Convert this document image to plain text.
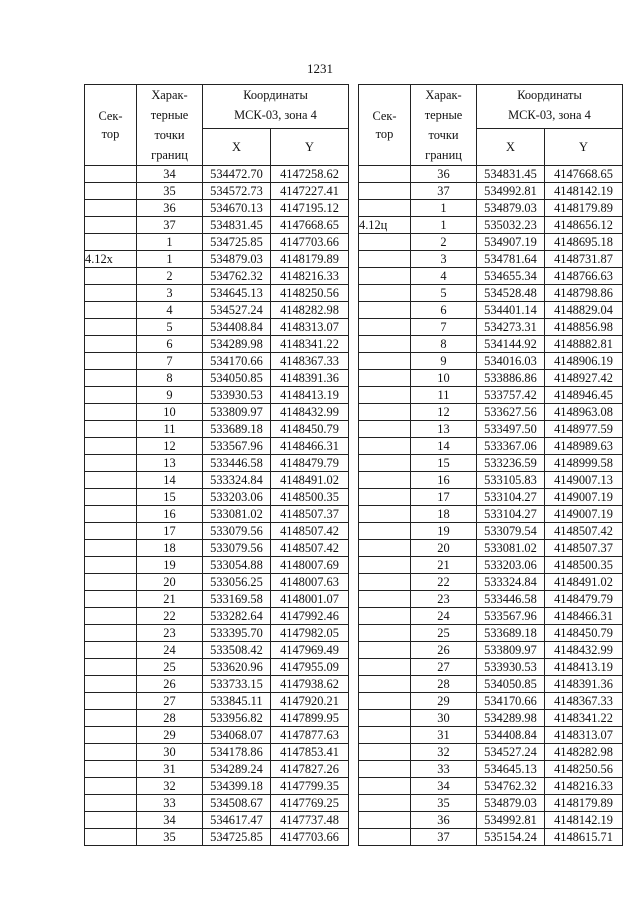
1231
Сек-
тор	Харак-
терные
точки
границ	Координаты
МСК-03, зона 4	
		X	Y
	34	534472.70	4147258.62
	35	534572.73	4147227.41
	36	534670.13	4147195.12
	37	534831.45	4147668.65
	1	534725.85	4147703.66
4.12х	1	534879.03	4148179.89
	2	534762.32	4148216.33
	3	534645.13	4148250.56
	4	534527.24	4148282.98
	5	534408.84	4148313.07
	6	534289.98	4148341.22
	7	534170.66	4148367.33
	8	534050.85	4148391.36
	9	533930.53	4148413.19
	10	533809.97	4148432.99
	11	533689.18	4148450.79
	12	533567.96	4148466.31
	13	533446.58	4148479.79
	14	533324.84	4148491.02
	15	533203.06	4148500.35
	16	533081.02	4148507.37
	17	533079.56	4148507.42
	18	533079.56	4148507.42
	19	533054.88	4148007.69
	20	533056.25	4148007.63
	21	533169.58	4148001.07
	22	533282.64	4147992.46
	23	533395.70	4147982.05
	24	533508.42	4147969.49
	25	533620.96	4147955.09
	26	533733.15	4147938.62
	27	533845.11	4147920.21
	28	533956.82	4147899.95
	29	534068.07	4147877.63
	30	534178.86	4147853.41
	31	534289.24	4147827.26
	32	534399.18	4147799.35
	33	534508.67	4147769.25
	34	534617.47	4147737.48
	35	534725.85	4147703.66
Сек-
тор	Харак-
терные
точки
границ	Координаты
МСК-03, зона 4	
		X	Y
	36	534831.45	4147668.65
	37	534992.81	4148142.19
	1	534879.03	4148179.89
4.12ц	1	535032.23	4148656.12
	2	534907.19	4148695.18
	3	534781.64	4148731.87
	4	534655.34	4148766.63
	5	534528.48	4148798.86
	6	534401.14	4148829.04
	7	534273.31	4148856.98
	8	534144.92	4148882.81
	9	534016.03	4148906.19
	10	533886.86	4148927.42
	11	533757.42	4148946.45
	12	533627.56	4148963.08
	13	533497.50	4148977.59
	14	533367.06	4148989.63
	15	533236.59	4148999.58
	16	533105.83	4149007.13
	17	533104.27	4149007.19
	18	533104.27	4149007.19
	19	533079.54	4148507.42
	20	533081.02	4148507.37
	21	533203.06	4148500.35
	22	533324.84	4148491.02
	23	533446.58	4148479.79
	24	533567.96	4148466.31
	25	533689.18	4148450.79
	26	533809.97	4148432.99
	27	533930.53	4148413.19
	28	534050.85	4148391.36
	29	534170.66	4148367.33
	30	534289.98	4148341.22
	31	534408.84	4148313.07
	32	534527.24	4148282.98
	33	534645.13	4148250.56
	34	534762.32	4148216.33
	35	534879.03	4148179.89
	36	534992.81	4148142.19
	37	535154.24	4148615.71
